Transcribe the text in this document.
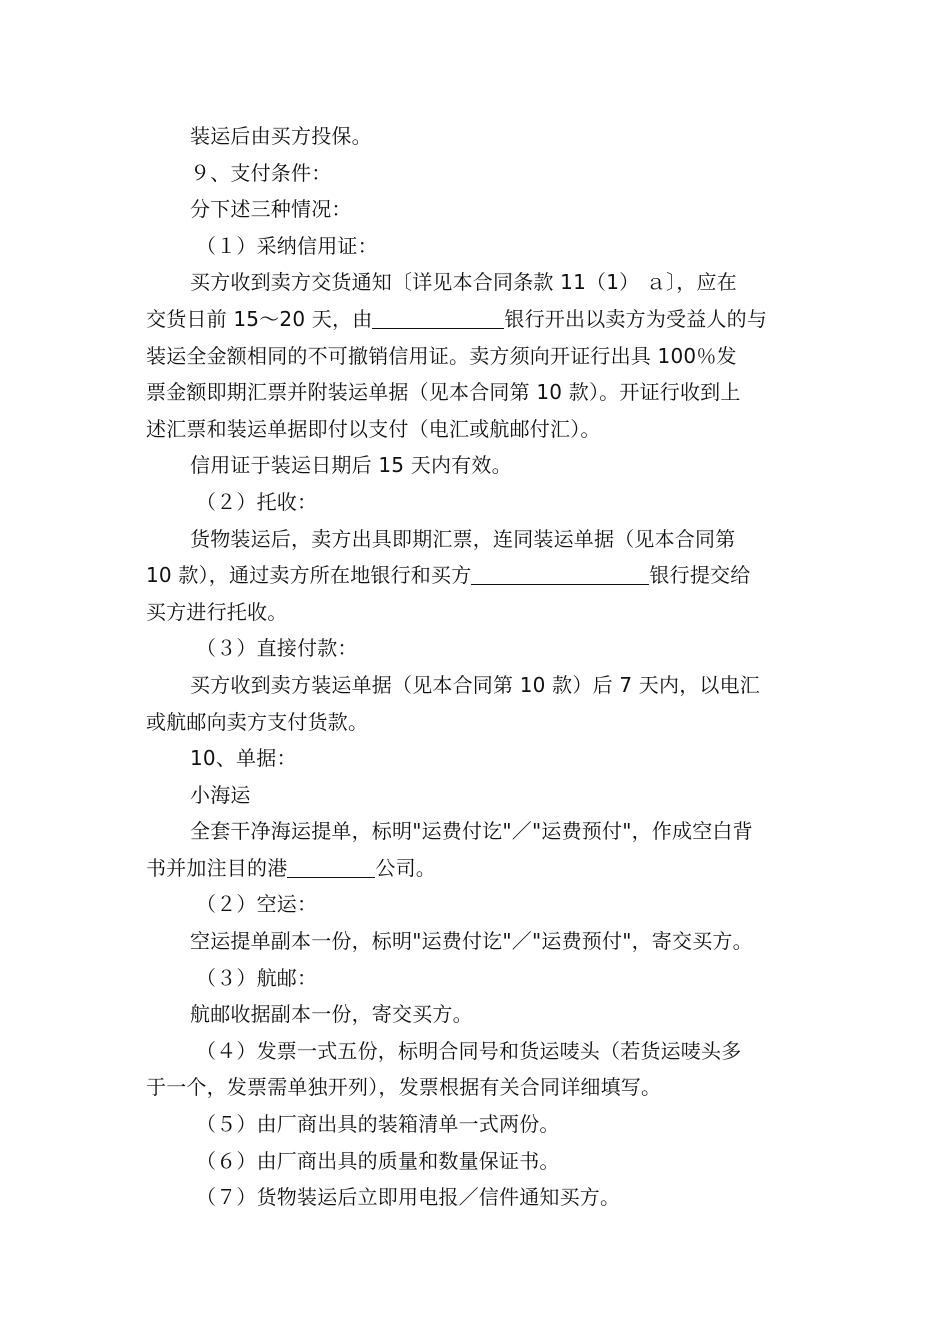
装运后由买方投保。
９、支付条件：
分下述三种情况：
（１）采纳信用证：
买方收到卖方交货通知〔详见本合同条款 11（1） ａ〕，应在
交货日前 15～20 天，由	银行开出以卖方为受益人的与
装运全金额相同的不可撤销信用证。卖方须向开证行出具 100％发
票金额即期汇票并附装运单据（见本合同第 10 款）。开证行收到上
述汇票和装运单据即付以支付（电汇或航邮付汇）。
信用证于装运日期后 15 天内有效。
（２）托收：
货物装运后，卖方出具即期汇票，连同装运单据（见本合同第
10 款），通过卖方所在地银行和买方	银行提交给
买方进行托收。
（３）直接付款：
买方收到卖方装运单据（见本合同第 10 款）后 7 天内，以电汇
或航邮向卖方支付货款。
10、单据：
小海运
全套干净海运提单，标明"运费付讫"／"运费预付"，作成空白背
书并加注目的港	公司。
（２）空运：
空运提单副本一份，标明"运费付讫"／"运费预付"，寄交买方。
（３）航邮：
航邮收据副本一份，寄交买方。
（４）发票一式五份，标明合同号和货运唛头（若货运唛头多
于一个，发票需单独开列），发票根据有关合同详细填写。
（５）由厂商出具的装箱清单一式两份。
（６）由厂商出具的质量和数量保证书。
（７）货物装运后立即用电报／信件通知买方。
